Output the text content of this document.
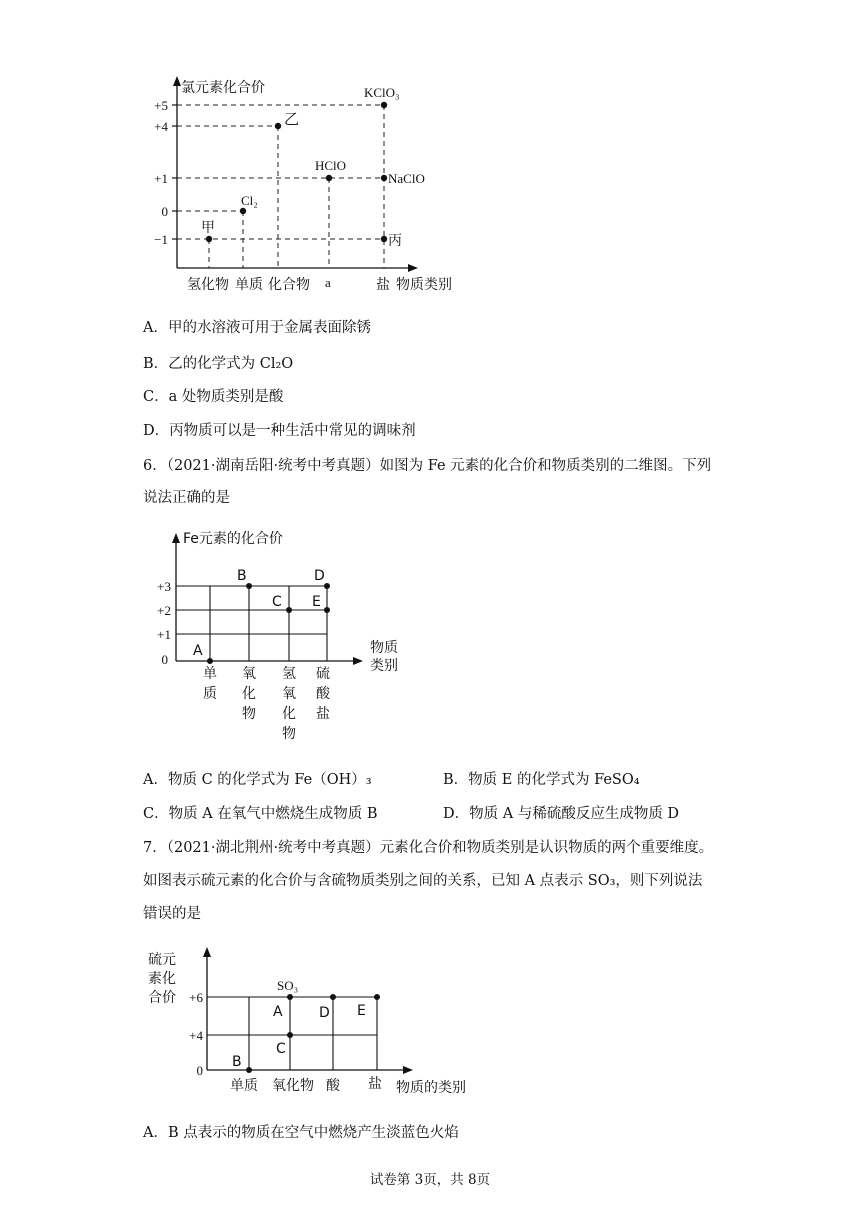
氯元素化合价
+5
+4
+1
0
−1
KClO₃
乙
HClO
NaClO
Cl₂
甲
丙
氢化物 单质 化合物 a	盐 物质类别
A．甲的水溶液可用于金属表面除锈
B．乙的化学式为 Cl₂O
C．a 处物质类别是酸
D．丙物质可以是一种生活中常见的调味剂
6．（2021·湖南岳阳·统考中考真题）如图为 Fe 元素的化合价和物质类别的二维图。下列
说法正确的是
Fe元素的化合价
+3
+2
+1
0
A
B
C
D
E
物质
类别
单
质
氧
化
物
氢
氧
化
物
硫
酸
盐
A．物质 C 的化学式为 Fe（OH）₃	B．物质 E 的化学式为 FeSO₄
C．物质 A 在氧气中燃烧生成物质 B	D．物质 A 与稀硫酸反应生成物质 D
7．（2021·湖北荆州·统考中考真题）元素化合价和物质类别是认识物质的两个重要维度。
如图表示硫元素的化合价与含硫物质类别之间的关系，已知 A 点表示 SO₃，则下列说法
错误的是
硫元
素化
合价 +6
+4
0
SO₃
A	D E
C
B
单质 氧化物 酸 盐 物质的类别
A．B 点表示的物质在空气中燃烧产生淡蓝色火焰
试卷第 3页，共 8页
